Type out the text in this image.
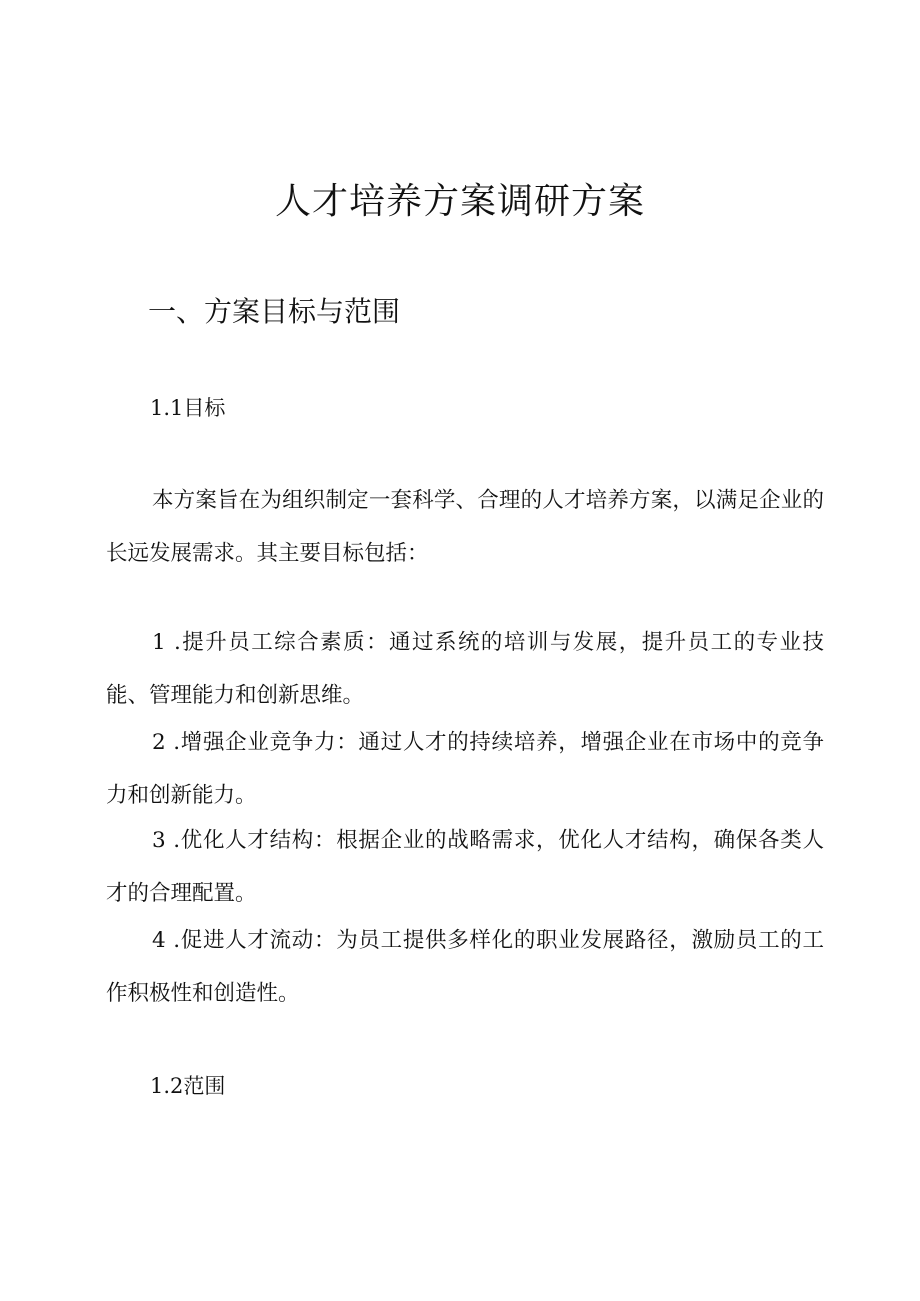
人才培养方案调研方案
一、方案目标与范围
1.1目标

本方案旨在为组织制定一套科学、合理的人才培养方案，以满足企业的长远发展需求。其主要目标包括：

1 .提升员工综合素质：通过系统的培训与发展，提升员工的专业技能、管理能力和创新思维。

2 .增强企业竞争力：通过人才的持续培养，增强企业在市场中的竞争力和创新能力。

3 .优化人才结构：根据企业的战略需求，优化人才结构，确保各类人才的合理配置。

4 .促进人才流动：为员工提供多样化的职业发展路径，激励员工的工作积极性和创造性。

1.2范围
